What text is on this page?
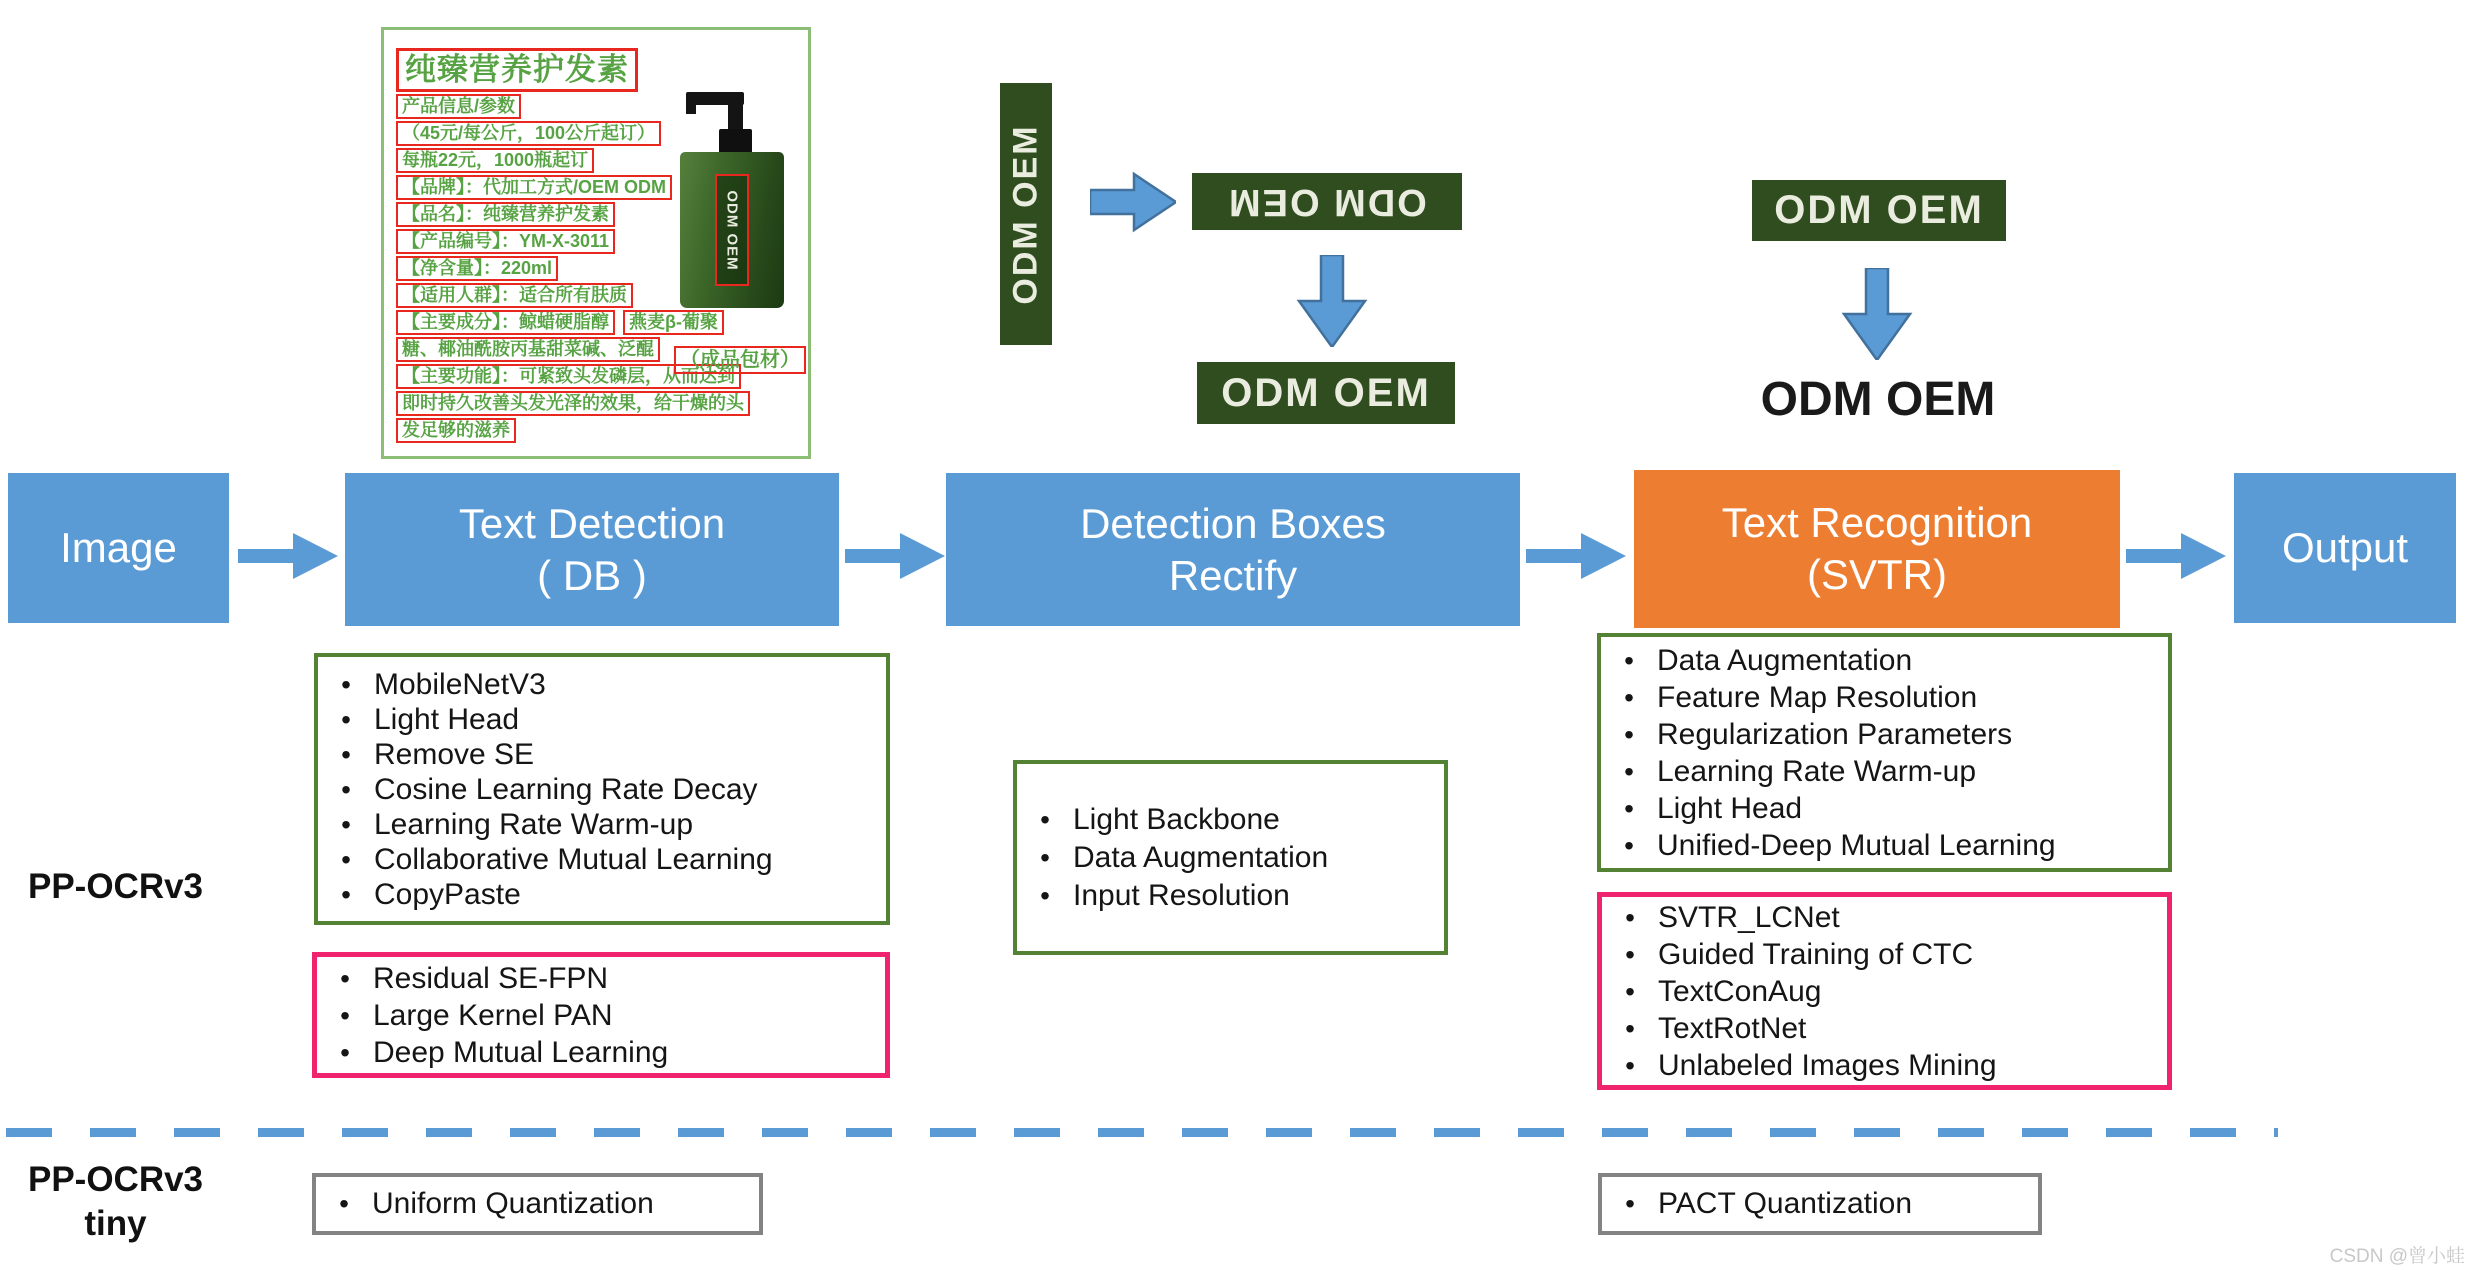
纯臻营养护发素
产品信息/参数
（45元/每公斤，100公斤起订）
每瓶22元，1000瓶起订
【品牌】：代加工方式/OEM ODM
【品名】：纯臻营养护发素
【产品编号】：YM-X-3011
【净含量】：220ml
【适用人群】：适合所有肤质
【主要成分】：鲸蜡硬脂醇	燕麦β-葡聚
糖、椰油酰胺丙基甜菜碱、泛醌
【主要功能】：可紧致头发磷层，从而达到
即时持久改善头发光泽的效果，给干燥的头
发足够的滋养
ODM OEM
（成品包材）
ODM OEM	ODM OEM
ODM OEM
ODM OEM
ODM OEM
Image
Text Detection
( DB )
Detection Boxes
Rectify
Text Recognition
(SVTR)
Output
• MobileNetV3
• Light Head
• Remove SE
• Cosine Learning Rate Decay
• Learning Rate Warm-up
• Collaborative Mutual Learning
• CopyPaste
• Residual SE-FPN
• Large Kernel PAN
• Deep Mutual Learning
• Light Backbone
• Data Augmentation
• Input Resolution
• Data Augmentation
• Feature Map Resolution
• Regularization Parameters
• Learning Rate Warm-up
• Light Head
• Unified-Deep Mutual Learning
• SVTR_LCNet
• Guided Training of CTC
• TextConAug
• TextRotNet
• Unlabeled Images Mining
PP-OCRv3
PP-OCRv3
tiny
• Uniform Quantization	• PACT Quantization
CSDN @曾小蛙
